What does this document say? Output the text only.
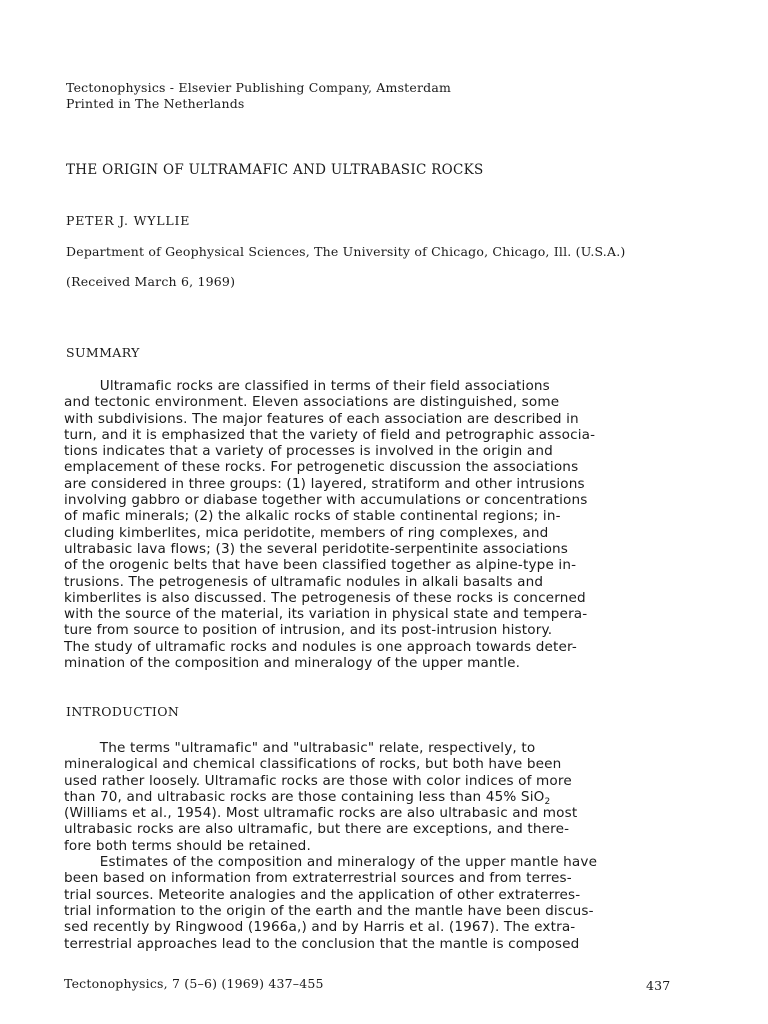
Tectonophysics - Elsevier Publishing Company, Amsterdam
Printed in The Netherlands
THE ORIGIN OF ULTRAMAFIC AND ULTRABASIC ROCKS
PETER J. WYLLIE
Department of Geophysical Sciences, The University of Chicago, Chicago, Ill. (U.S.A.)
(Received March 6, 1969)
SUMMARY
Ultramafic rocks are classified in terms of their field associations
and tectonic environment. Eleven associations are distinguished, some
with subdivisions. The major features of each association are described in
turn, and it is emphasized that the variety of field and petrographic associa-
tions indicates that a variety of processes is involved in the origin and
emplacement of these rocks. For petrogenetic discussion the associations
are considered in three groups: (1) layered, stratiform and other intrusions
involving gabbro or diabase together with accumulations or concentrations
of mafic minerals; (2) the alkalic rocks of stable continental regions; in-
cluding kimberlites, mica peridotite, members of ring complexes, and
ultrabasic lava flows; (3) the several peridotite-serpentinite associations
of the orogenic belts that have been classified together as alpine-type in-
trusions. The petrogenesis of ultramafic nodules in alkali basalts and
kimberlites is also discussed. The petrogenesis of these rocks is concerned
with the source of the material, its variation in physical state and tempera-
ture from source to position of intrusion, and its post-intrusion history.
The study of ultramafic rocks and nodules is one approach towards deter-
mination of the composition and mineralogy of the upper mantle.
INTRODUCTION
The terms "ultramafic" and "ultrabasic" relate, respectively, to
mineralogical and chemical classifications of rocks, but both have been
used rather loosely. Ultramafic rocks are those with color indices of more
than 70, and ultrabasic rocks are those containing less than 45% SiO$_2$
(Williams et al., 1954). Most ultramafic rocks are also ultrabasic and most
ultrabasic rocks are also ultramafic, but there are exceptions, and there-
fore both terms should be retained.
Estimates of the composition and mineralogy of the upper mantle have
been based on information from extraterrestrial sources and from terres-
trial sources. Meteorite analogies and the application of other extraterres-
trial information to the origin of the earth and the mantle have been discus-
sed recently by Ringwood (1966a,) and by Harris et al. (1967). The extra-
terrestrial approaches lead to the conclusion that the mantle is composed
Tectonophysics, 7 (5–6) (1969) 437–455	437
